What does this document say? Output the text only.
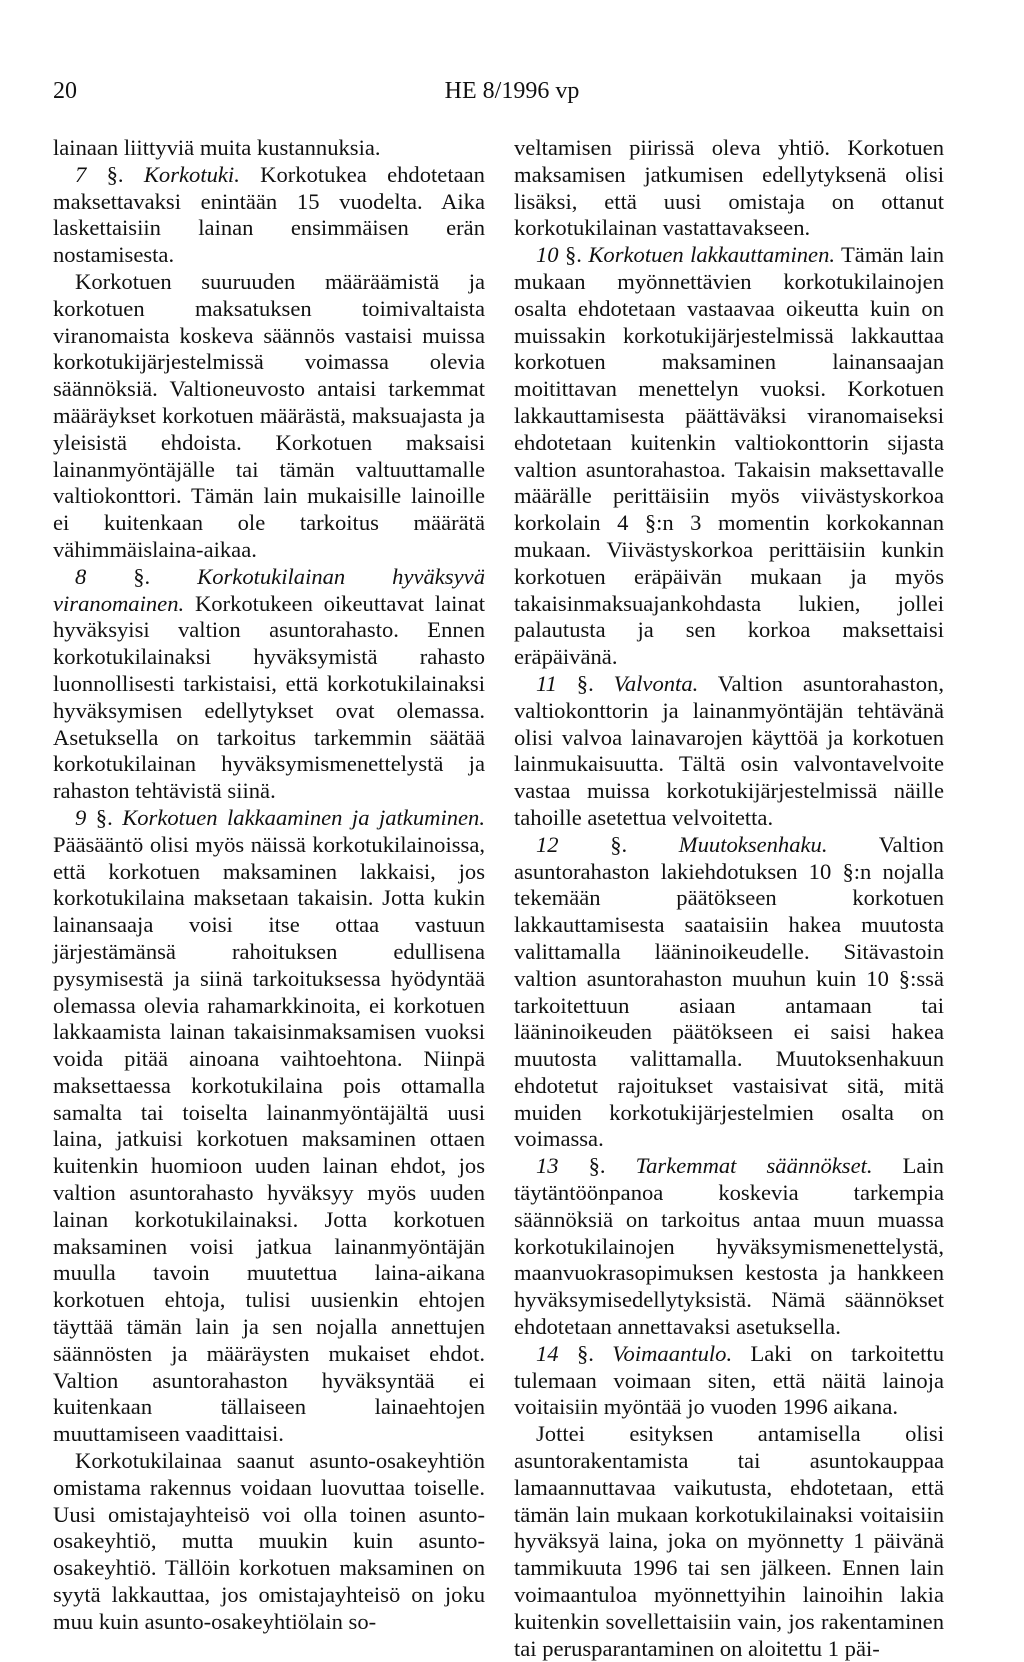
20	HE 8/1996 vp

lainaan liittyviä muita kustannuksia.

7 §. Korkotuki. Korkotukea ehdotetaan maksettavaksi enintään 15 vuodelta. Aika laskettaisiin lainan ensimmäisen erän nostamisesta.

Korkotuen suuruuden määräämistä ja korkotuen maksatuksen toimivaltaista viranomaista koskeva säännös vastaisi muissa korkotukijärjestelmissä voimassa olevia säännöksiä. Valtioneuvosto antaisi tarkemmat määräykset korkotuen määrästä, maksuajasta ja yleisistä ehdoista. Korkotuen maksaisi lainanmyöntäjälle tai tämän valtuuttamalle valtiokonttori. Tämän lain mukaisille lainoille ei kuitenkaan ole tarkoitus määrätä vähimmäislaina-aikaa.

8 §. Korkotukilainan hyväksyvä viranomainen. Korkotukeen oikeuttavat lainat hyväksyisi valtion asuntorahasto. Ennen korkotukilainaksi hyväksymistä rahasto luonnollisesti tarkistaisi, että korkotukilainaksi hyväksymisen edellytykset ovat olemassa. Asetuksella on tarkoitus tarkemmin säätää korkotukilainan hyväksymismenettelystä ja rahaston tehtävistä siinä.

9 §. Korkotuen lakkaaminen ja jatkuminen. Pääsääntö olisi myös näissä korkotukilainoissa, että korkotuen maksaminen lakkaisi, jos korkotukilaina maksetaan takaisin. Jotta kukin lainansaaja voisi itse ottaa vastuun järjestämänsä rahoituksen edullisena pysymisestä ja siinä tarkoituksessa hyödyntää olemassa olevia rahamarkkinoita, ei korkotuen lakkaamista lainan takaisinmaksamisen vuoksi voida pitää ainoana vaihtoehtona. Niinpä maksettaessa korkotukilaina pois ottamalla samalta tai toiselta lainanmyöntäjältä uusi laina, jatkuisi korkotuen maksaminen ottaen kuitenkin huomioon uuden lainan ehdot, jos valtion asuntorahasto hyväksyy myös uuden lainan korkotukilainaksi. Jotta korkotuen maksaminen voisi jatkua lainanmyöntäjän muulla tavoin muutettua laina-aikana korkotuen ehtoja, tulisi uusienkin ehtojen täyttää tämän lain ja sen nojalla annettujen säännösten ja määräysten mukaiset ehdot. Valtion asuntorahaston hyväksyntää ei kuitenkaan tällaiseen lainaehtojen muuttamiseen vaadittaisi.

Korkotukilainaa saanut asunto-osakeyhtiön omistama rakennus voidaan luovuttaa toiselle. Uusi omistajayhteisö voi olla toinen asunto-osakeyhtiö, mutta muukin kuin asunto-osakeyhtiö. Tällöin korkotuen maksaminen on syytä lakkauttaa, jos omistajayhteisö on joku muu kuin asunto-osakeyhtiölain so-

veltamisen piirissä oleva yhtiö. Korkotuen maksamisen jatkumisen edellytyksenä olisi lisäksi, että uusi omistaja on ottanut korkotukilainan vastattavakseen.

10 §. Korkotuen lakkauttaminen. Tämän lain mukaan myönnettävien korkotukilainojen osalta ehdotetaan vastaavaa oikeutta kuin on muissakin korkotukijärjestelmissä lakkauttaa korkotuen maksaminen lainansaajan moitittavan menettelyn vuoksi. Korkotuen lakkauttamisesta päättäväksi viranomaiseksi ehdotetaan kuitenkin valtiokonttorin sijasta valtion asuntorahastoa. Takaisin maksettavalle määrälle perittäisiin myös viivästyskorkoa korkolain 4 §:n 3 momentin korkokannan mukaan. Viivästyskorkoa perittäisiin kunkin korkotuen eräpäivän mukaan ja myös takaisinmaksuajankohdasta lukien, jollei palautusta ja sen korkoa maksettaisi eräpäivänä.

11 §. Valvonta. Valtion asuntorahaston, valtiokonttorin ja lainanmyöntäjän tehtävänä olisi valvoa lainavarojen käyttöä ja korkotuen lainmukaisuutta. Tältä osin valvontavelvoite vastaa muissa korkotukijärjestelmissä näille tahoille asetettua velvoitetta.

12 §. Muutoksenhaku. Valtion asuntorahaston lakiehdotuksen 10 §:n nojalla tekemään päätökseen korkotuen lakkauttamisesta saataisiin hakea muutosta valittamalla lääninoikeudelle. Sitävastoin valtion asuntorahaston muuhun kuin 10 §:ssä tarkoitettuun asiaan antamaan tai lääninoikeuden päätökseen ei saisi hakea muutosta valittamalla. Muutoksenhakuun ehdotetut rajoitukset vastaisivat sitä, mitä muiden korkotukijärjestelmien osalta on voimassa.

13 §. Tarkemmat säännökset. Lain täytäntöönpanoa koskevia tarkempia säännöksiä on tarkoitus antaa muun muassa korkotukilainojen hyväksymismenettelystä, maanvuokrasopimuksen kestosta ja hankkeen hyväksymisedellytyksistä. Nämä säännökset ehdotetaan annettavaksi asetuksella.

14 §. Voimaantulo. Laki on tarkoitettu tulemaan voimaan siten, että näitä lainoja voitaisiin myöntää jo vuoden 1996 aikana.

Jottei esityksen antamisella olisi asuntorakentamista tai asuntokauppaa lamaannuttavaa vaikutusta, ehdotetaan, että tämän lain mukaan korkotukilainaksi voitaisiin hyväksyä laina, joka on myönnetty 1 päivänä tammikuuta 1996 tai sen jälkeen. Ennen lain voimaantuloa myönnettyihin lainoihin lakia kuitenkin sovellettaisiin vain, jos rakentaminen tai perusparantaminen on aloitettu 1 päi-
